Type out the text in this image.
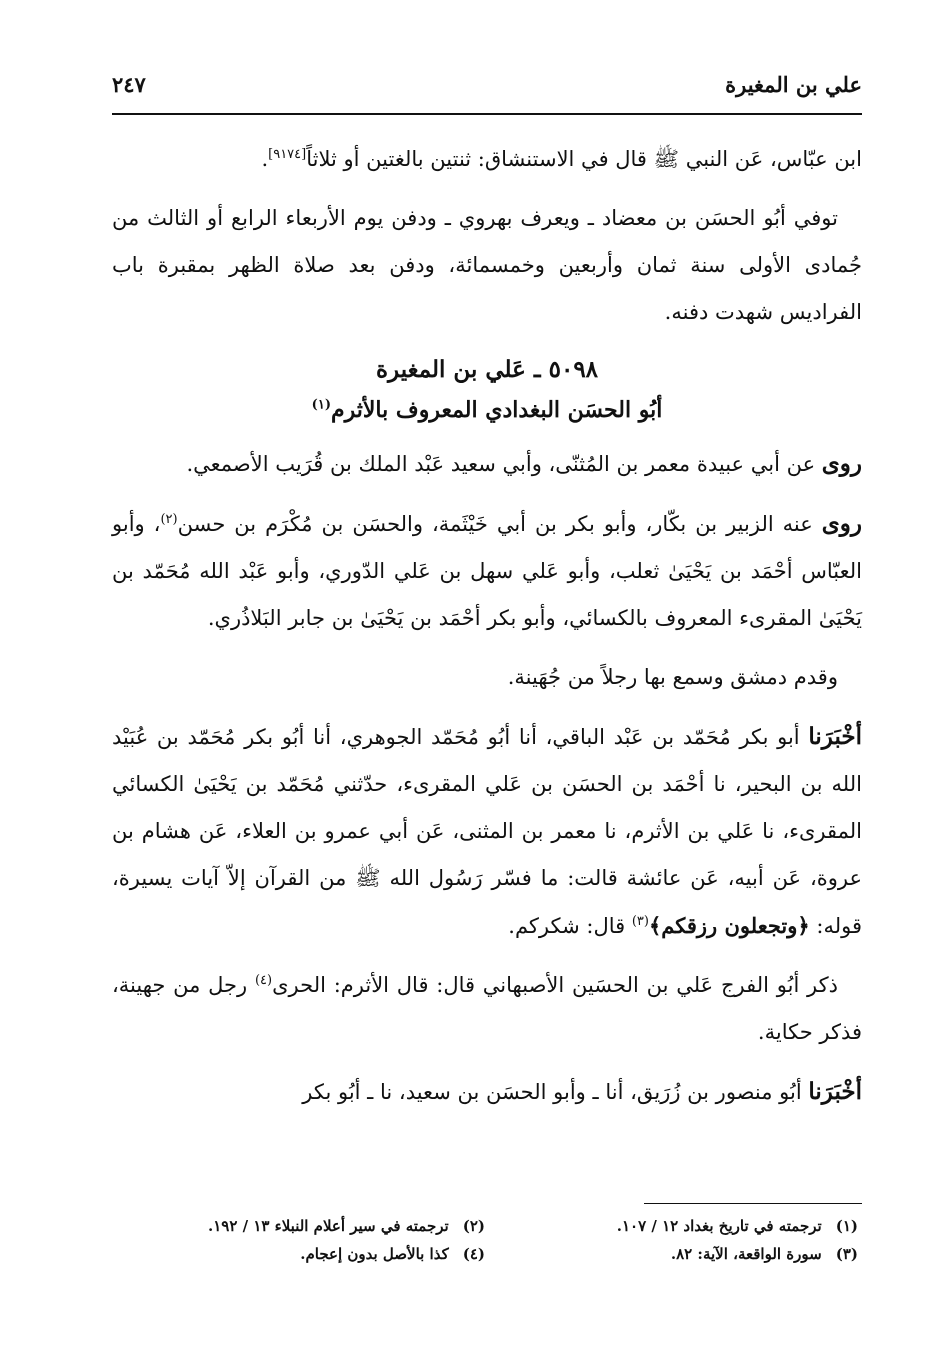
علي بن المغيرة
٢٤٧

ابن عبّاس، عَن النبي ﷺ قال في الاستنشاق: ثنتين بالغتين أو ثلاثاً[٩١٧٤].

توفي أبُو الحسَن بن معضاد ـ ويعرف بهروي ـ ودفن يوم الأربعاء الرابع أو الثالث من جُمادى الأولى سنة ثمان وأربعين وخمسمائة، ودفن بعد صلاة الظهر بمقبرة باب الفراديس شهدت دفنه.

٥٠٩٨ ـ عَلي بن المغيرة
أبُو الحسَن البغدادي المعروف بالأثرم$^{(١)}$

روى عن أبي عبيدة معمر بن المُثنّى، وأبي سعيد عَبْد الملك بن قُرَيب الأصمعي.

روى عنه الزبير بن بكّار، وأبو بكر بن أبي خَيْثَمة، والحسَن بن مُكْرَم بن حسن$^{(٢)}$، وأبو العبّاس أحْمَد بن يَحْيَىٰ ثعلب، وأبو عَلي سهل بن عَلي الدّوري، وأبو عَبْد الله مُحَمّد بن يَحْيَىٰ المقرىء المعروف بالكسائي، وأبو بكر أحْمَد بن يَحْيَىٰ بن جابر البَلاذُري.

وقدم دمشق وسمع بها رجلاً من جُهَينة.

أخْبَرَنا أبو بكر مُحَمّد بن عَبْد الباقي، أنا أبُو مُحَمّد الجوهري، أنا أبُو بكر مُحَمّد بن عُبَيْد الله بن البحير، نا أحْمَد بن الحسَن بن عَلي المقرىء، حدّثني مُحَمّد بن يَحْيَىٰ الكسائي المقرىء، نا عَلي بن الأثرم، نا معمر بن المثنى، عَن أبي عمرو بن العلاء، عَن هشام بن عروة، عَن أبيه، عَن عائشة قالت: ما فسّر رَسُول الله ﷺ من القرآن إلاّ آيات يسيرة، قوله: ﴿وتجعلون رزقكم﴾$^{(٣)}$ قال: شكركم.

ذكر أبُو الفرج عَلي بن الحسَين الأصبهاني قال: قال الأثرم: الحرى$^{(٤)}$ رجل من جهينة، فذكر حكاية.

أخْبَرَنا أبُو منصور بن زُرَيق، أنا ـ وأبو الحسَن بن سعيد، نا ـ أبُو بكر

(١)ترجمته في تاريخ بغداد ١٢ / ١٠٧.
(٢)ترجمته في سير أعلام النبلاء ١٣ / ١٩٢.
(٣)سورة الواقعة، الآية: ٨٢.
(٤)كذا بالأصل بدون إعجام.
